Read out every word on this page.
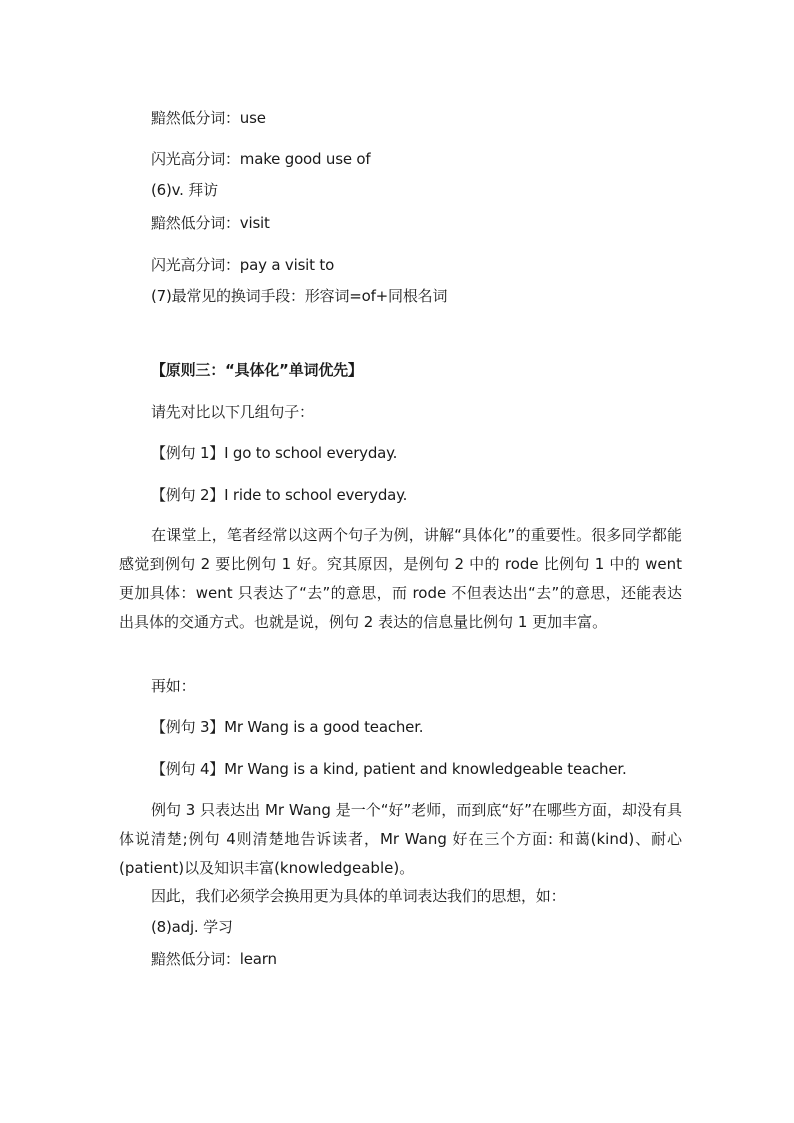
黯然低分词：use
闪光高分词：make good use of
(6)v. 拜访
黯然低分词：visit
闪光高分词：pay a visit to
(7)最常见的换词手段：形容词=of+同根名词
【原则三：“具体化”单词优先】
请先对比以下几组句子：
【例句 1】I go to school everyday.
【例句 2】I ride to school everyday.
在课堂上，笔者经常以这两个句子为例，讲解“具体化”的重要性。很多同学都能感觉到例句 2 要比例句 1 好。究其原因，是例句 2 中的 rode 比例句 1 中的 went 更加具体：went 只表达了“去”的意思，而 rode 不但表达出“去”的意思，还能表达出具体的交通方式。也就是说，例句 2 表达的信息量比例句 1 更加丰富。
再如：
【例句 3】Mr Wang is a good teacher.
【例句 4】Mr Wang is a kind, patient and knowledgeable teacher.
例句 3 只表达出 Mr Wang 是一个“好”老师，而到底“好”在哪些方面，却没有具体说清楚;例句 4则清楚地告诉读者，Mr Wang 好在三个方面: 和蔼(kind)、耐心(patient)以及知识丰富(knowledgeable)。
因此，我们必须学会换用更为具体的单词表达我们的思想，如：
(8)adj. 学习
黯然低分词：learn
